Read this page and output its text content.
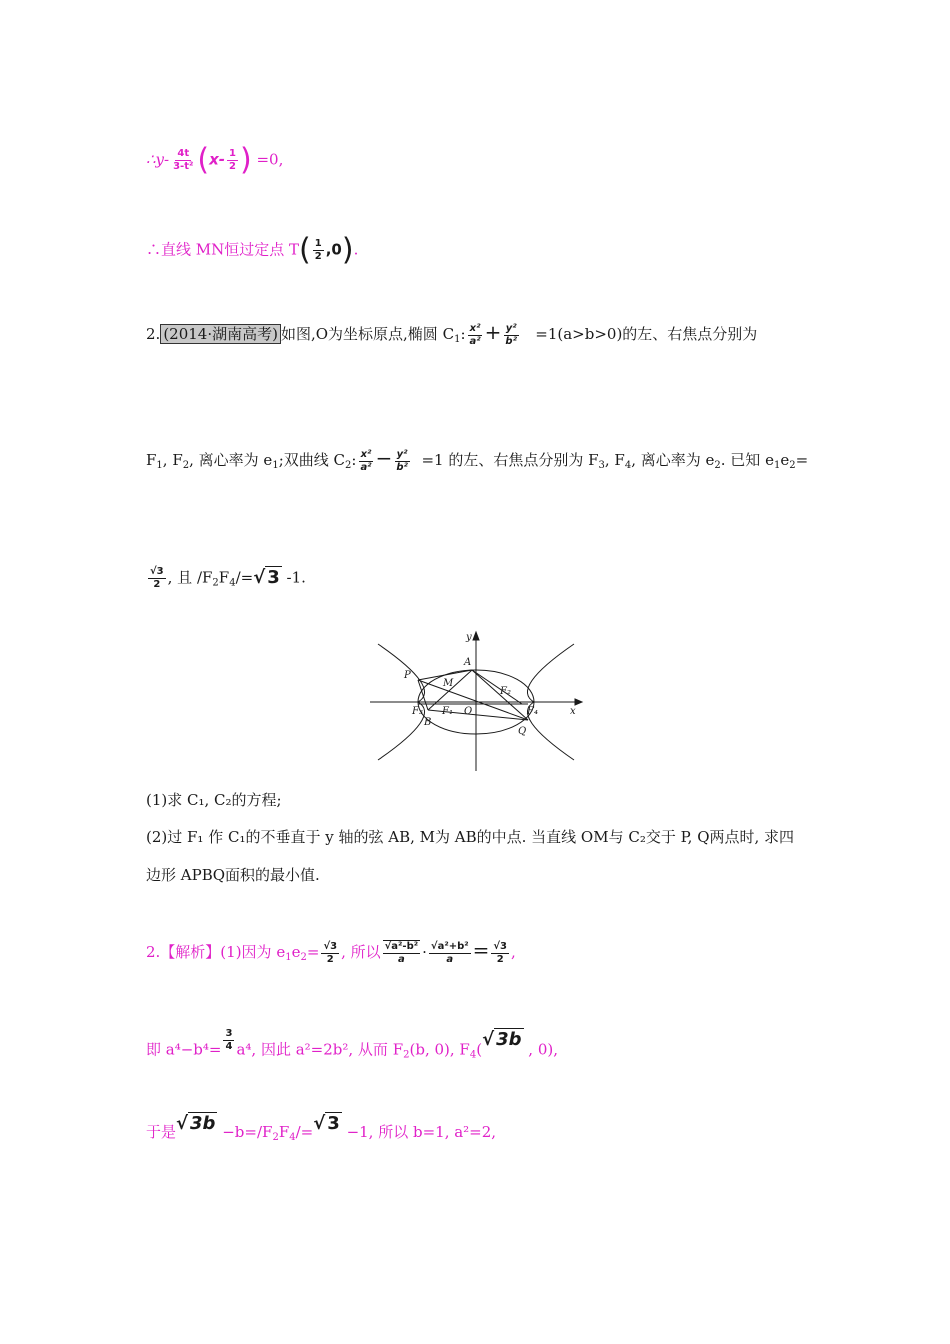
∴y- $\frac{4t}{\text{3-t²}} (x- \frac{1}{2}$ ) =0,
∴直线 MN恒过定点 $T( \frac{1}{2} ,0)$.
2. (2014·湖南高考) 如图,O为坐标原点,椭圆 $C_1$: $\frac{\text{x²}}{\text{a²}} + \frac{\text{y²}}{\text{b²}} =1(a>b>0)$的左、右焦点分别为
$F_1$, $F_2$, 离心率为 $e_1$;双曲线 $C_2$: $\frac{\text{x²}}{\text{a²}} - \frac{\text{y²}}{\text{b²}} =1$ 的左、右焦点分别为 $F_3$, $F_4$, 离心率为 $e_2$. 已知 $e_1e_2=$
$\frac{√3}{2}$ , 且 $/F_2F_4/=√$ 3 -1.
y
x
P
A
M
F₃ F₁ O
F₂
F₄
B
Q
(1)求 C₁, C₂的方程;
(2)过 F₁ 作 C₁的不垂直于 y 轴的弦 AB, M为 AB的中点. 当直线 OM与 C₂交于 P, Q两点时, 求四
边形 APBQ面积的最小值.
2.【解析】(1)因为 $e_1e_2= \frac{√3}{2}$ , 所以 $\frac{\text{√a²-b²}}{a} \cdot \frac{\text{√a²+b²}}{a} = \frac{√3}{2}$ ,
即 $a^4-b^4= \frac{3}{4} a^4$, 因此 a²=2b², 从而 $F_2(b$, 0), $F_4(√$ 3b , 0),
于是√ $3b -b=/F_2F_4/=√$ 3 −1, 所以 b=1, a²=2,
